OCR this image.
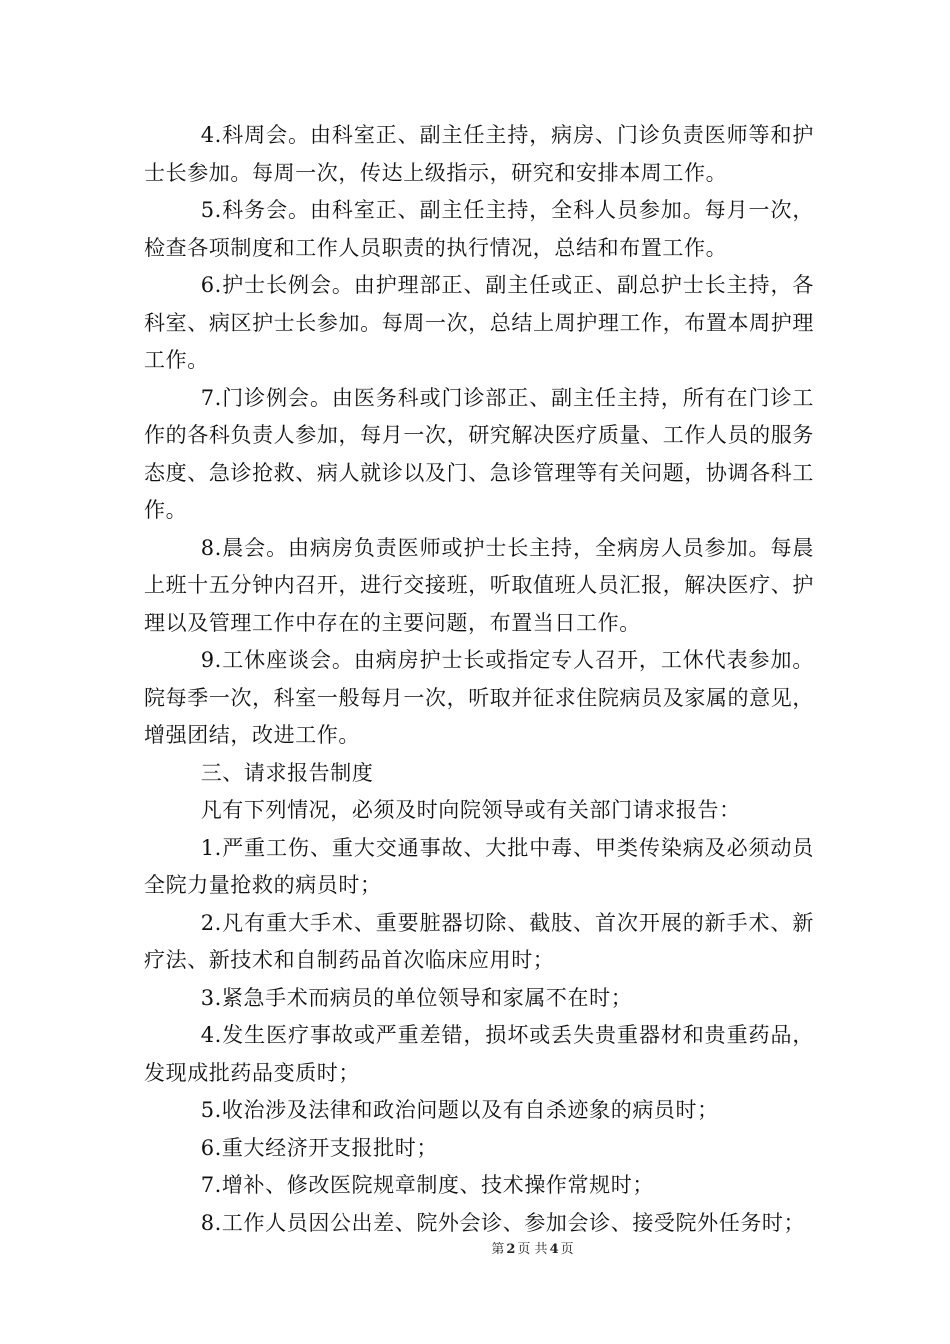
4.科周会。由科室正、副主任主持，病房、门诊负责医师等和护士长参加。每周一次，传达上级指示，研究和安排本周工作。

5.科务会。由科室正、副主任主持，全科人员参加。每月一次，检查各项制度和工作人员职责的执行情况，总结和布置工作。

6.护士长例会。由护理部正、副主任或正、副总护士长主持，各科室、病区护士长参加。每周一次，总结上周护理工作，布置本周护理工作。

7.门诊例会。由医务科或门诊部正、副主任主持，所有在门诊工作的各科负责人参加，每月一次，研究解决医疗质量、工作人员的服务态度、急诊抢救、病人就诊以及门、急诊管理等有关问题，协调各科工作。

8.晨会。由病房负责医师或护士长主持，全病房人员参加。每晨上班十五分钟内召开，进行交接班，听取值班人员汇报，解决医疗、护理以及管理工作中存在的主要问题，布置当日工作。

9.工休座谈会。由病房护士长或指定专人召开，工休代表参加。院每季一次，科室一般每月一次，听取并征求住院病员及家属的意见，增强团结，改进工作。

三、请求报告制度

凡有下列情况，必须及时向院领导或有关部门请求报告：

1.严重工伤、重大交通事故、大批中毒、甲类传染病及必须动员全院力量抢救的病员时；

2.凡有重大手术、重要脏器切除、截肢、首次开展的新手术、新疗法、新技术和自制药品首次临床应用时；

3.紧急手术而病员的单位领导和家属不在时；

4.发生医疗事故或严重差错，损坏或丢失贵重器材和贵重药品，发现成批药品变质时；

5.收治涉及法律和政治问题以及有自杀迹象的病员时；

6.重大经济开支报批时；

7.增补、修改医院规章制度、技术操作常规时；

8.工作人员因公出差、院外会诊、参加会诊、接受院外任务时；

第 2 页 共 4 页
